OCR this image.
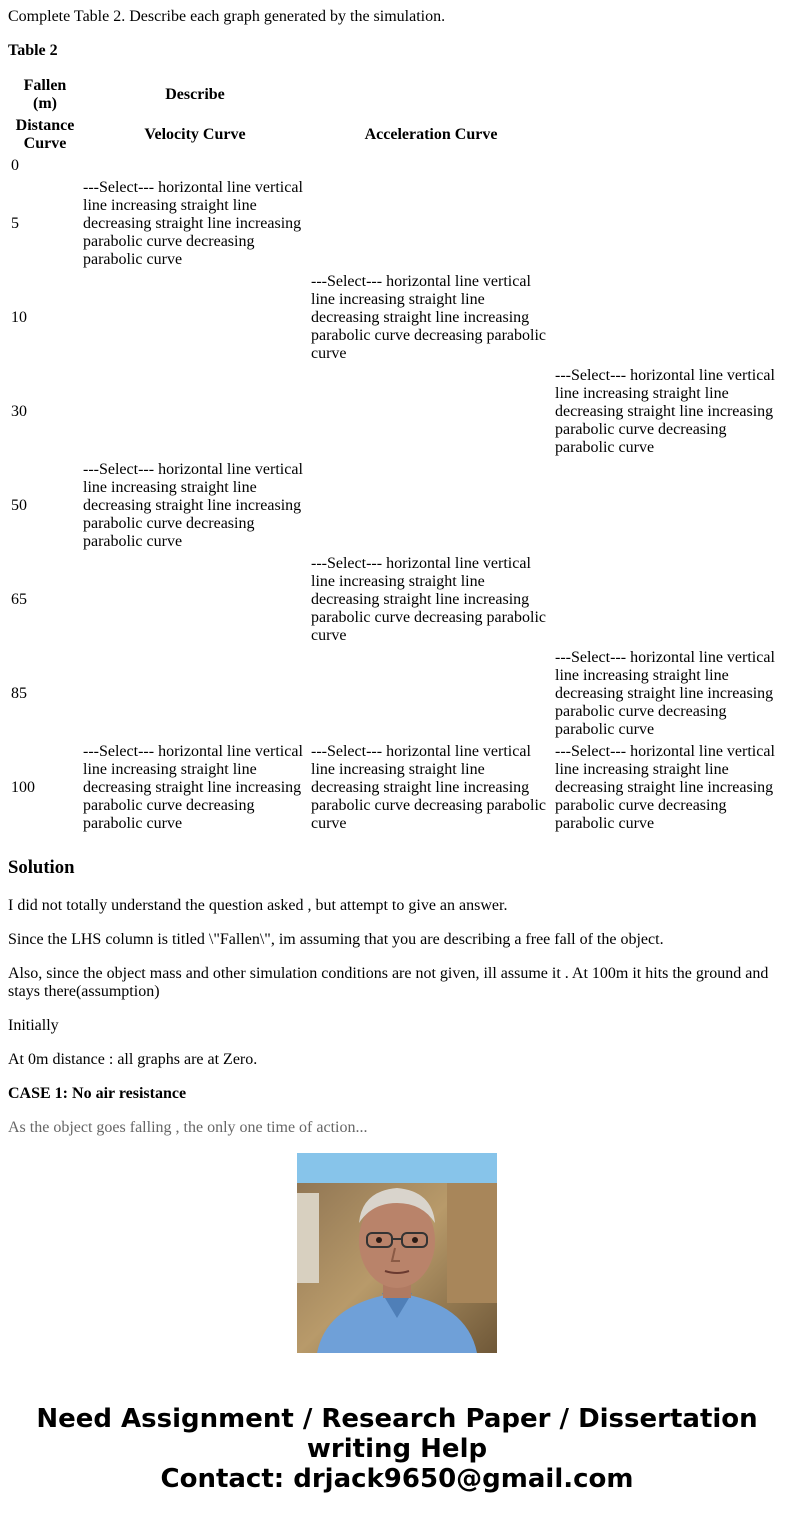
Complete Table 2. Describe each graph generated by the simulation.

Table 2

Fallen (m)	Describe		
Distance Curve	Velocity Curve	Acceleration Curve	
0			
5	---Select--- horizontal line vertical line increasing straight line decreasing straight line increasing parabolic curve decreasing parabolic curve		

10		---Select--- horizontal line vertical line increasing straight line decreasing straight line increasing parabolic curve decreasing parabolic curve	

30			---Select--- horizontal line vertical line increasing straight line decreasing straight line increasing parabolic curve decreasing parabolic curve

50	---Select--- horizontal line vertical line increasing straight line decreasing straight line increasing parabolic curve decreasing parabolic curve		

65		---Select--- horizontal line vertical line increasing straight line decreasing straight line increasing parabolic curve decreasing parabolic curve	

85			---Select--- horizontal line vertical line increasing straight line decreasing straight line increasing parabolic curve decreasing parabolic curve

100	---Select--- horizontal line vertical line increasing straight line decreasing straight line increasing parabolic curve decreasing parabolic curve	---Select--- horizontal line vertical line increasing straight line decreasing straight line increasing parabolic curve decreasing parabolic curve	---Select--- horizontal line vertical line increasing straight line decreasing straight line increasing parabolic curve decreasing parabolic curve
Solution

I did not totally understand the question asked , but attempt to give an answer.

Since the LHS column is titled \"Fallen\", im assuming that you are describing a free fall of the object.

Also, since the object mass and other simulation conditions are not given, ill assume it . At 100m it hits the ground and stays there(assumption)

Initially

At 0m distance : all graphs are at Zero.

CASE 1: No air resistance

As the object goes falling , the only one time of action...

Need Assignment / Research Paper / Dissertation
writing Help
Contact: drjack9650@gmail.com
